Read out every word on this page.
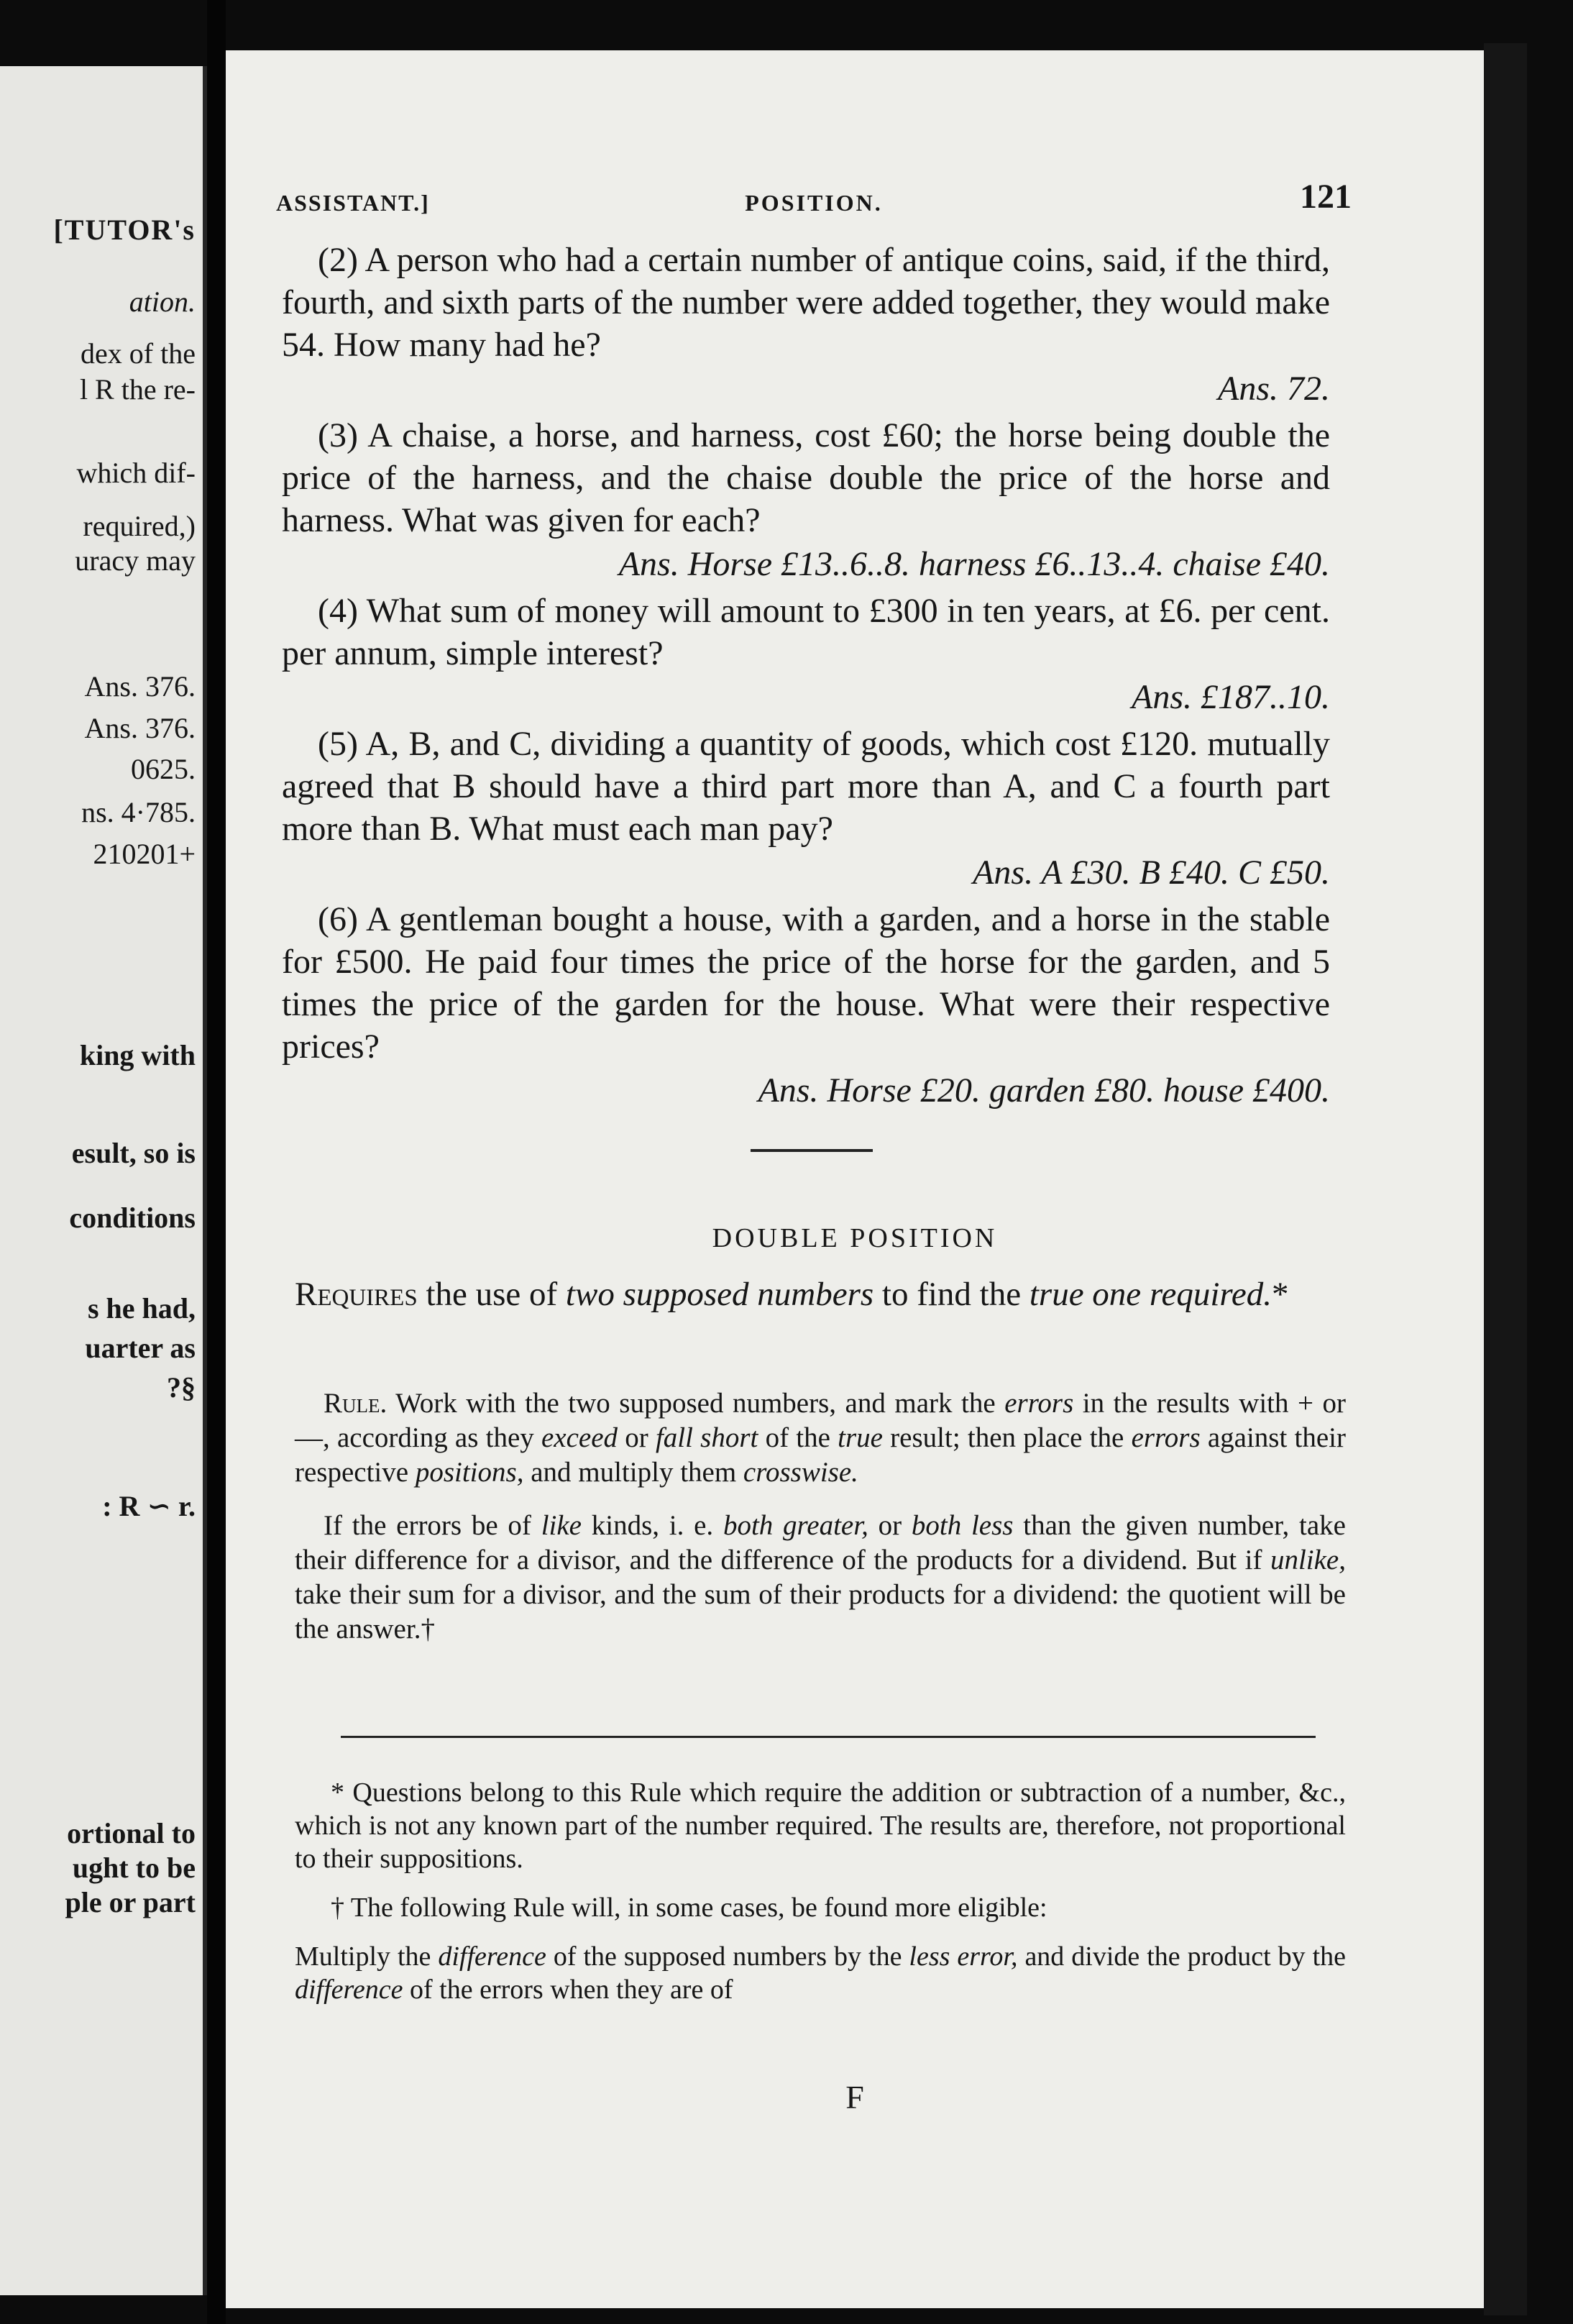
[TUTOR's
ation.
dex of the
l R the re-
which dif-
required,)
uracy may
Ans. 376.
Ans. 376.
0625.
ns. 4·785.
210201+
king with
esult, so is
conditions
s he had,
uarter as
?§
: R ∽ r.
ortional to
ught to be
ple or part
ASSISTANT.]	POSITION.	121

(2) A person who had a certain number of antique coins, said, if the third, fourth, and sixth parts of the number were added together, they would make 54. How many had he?

Ans. 72.

(3) A chaise, a horse, and harness, cost £60; the horse being double the price of the harness, and the chaise double the price of the horse and harness. What was given for each?

Ans. Horse £13..6..8. harness £6..13..4. chaise £40.

(4) What sum of money will amount to £300 in ten years, at £6. per cent. per annum, simple interest?

Ans. £187..10.

(5) A, B, and C, dividing a quantity of goods, which cost £120. mutually agreed that B should have a third part more than A, and C a fourth part more than B. What must each man pay?

Ans. A £30. B £40. C £50.

(6) A gentleman bought a house, with a garden, and a horse in the stable for £500. He paid four times the price of the horse for the garden, and 5 times the price of the garden for the house. What were their respective prices?

Ans. Horse £20. garden £80. house £400.

DOUBLE POSITION
Requires the use of two supposed numbers to find the true one required.*

Rule. Work with the two supposed numbers, and mark the errors in the results with + or —, according as they exceed or fall short of the true result; then place the errors against their respective positions, and multiply them crosswise.

If the errors be of like kinds, i. e. both greater, or both less than the given number, take their difference for a divisor, and the difference of the products for a dividend. But if unlike, take their sum for a divisor, and the sum of their products for a dividend: the quotient will be the answer.†

* Questions belong to this Rule which require the addition or subtraction of a number, &c., which is not any known part of the number required. The results are, therefore, not proportional to their suppositions.

† The following Rule will, in some cases, be found more eligible:

Multiply the difference of the supposed numbers by the less error, and divide the product by the difference of the errors when they are of

F
